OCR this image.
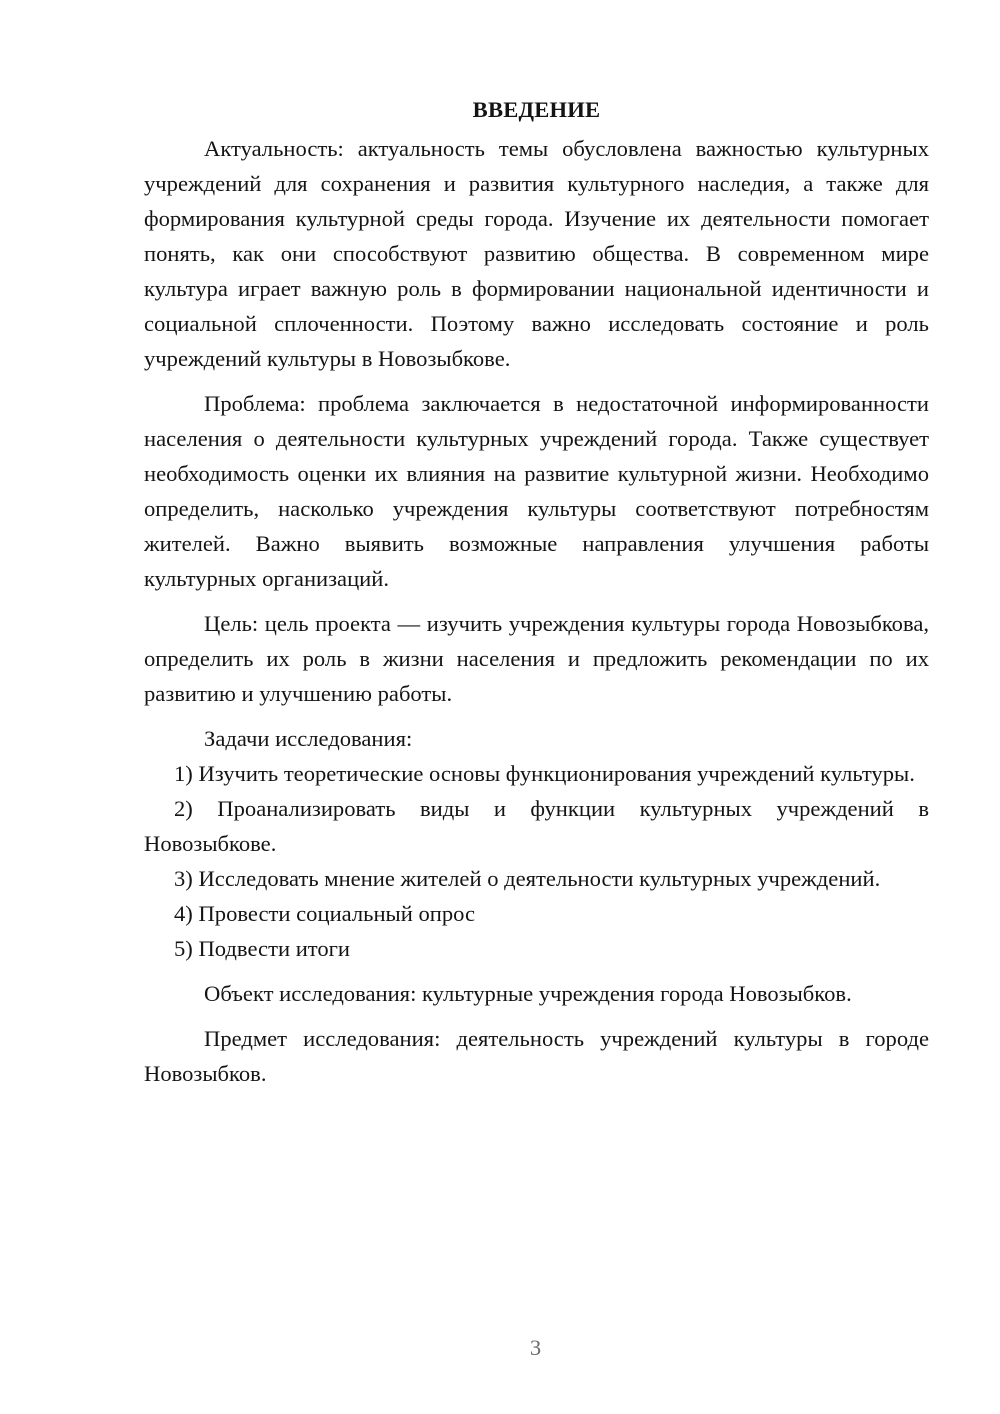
ВВЕДЕНИЕ

Актуальность: актуальность темы обусловлена важностью культурных учреждений для сохранения и развития культурного наследия, а также для формирования культурной среды города. Изучение их деятельности помогает понять, как они способствуют развитию общества. В современном мире культура играет важную роль в формировании национальной идентичности и социальной сплоченности. Поэтому важно исследовать состояние и роль учреждений культуры в Новозыбкове.

Проблема: проблема заключается в недостаточной информированности населения о деятельности культурных учреждений города. Также существует необходимость оценки их влияния на развитие культурной жизни. Необходимо определить, насколько учреждения культуры соответствуют потребностям жителей. Важно выявить возможные направления улучшения работы культурных организаций.

Цель: цель проекта — изучить учреждения культуры города Новозыбкова, определить их роль в жизни населения и предложить рекомендации по их развитию и улучшению работы.

Задачи исследования:

1) Изучить теоретические основы функционирования учреждений культуры.

2) Проанализировать виды и функции культурных учреждений в Новозыбкове.

3) Исследовать мнение жителей о деятельности культурных учреждений.

4) Провести социальный опрос

5) Подвести итоги

Объект исследования: культурные учреждения города Новозыбков.

Предмет исследования: деятельность учреждений культуры в городе Новозыбков.

3
